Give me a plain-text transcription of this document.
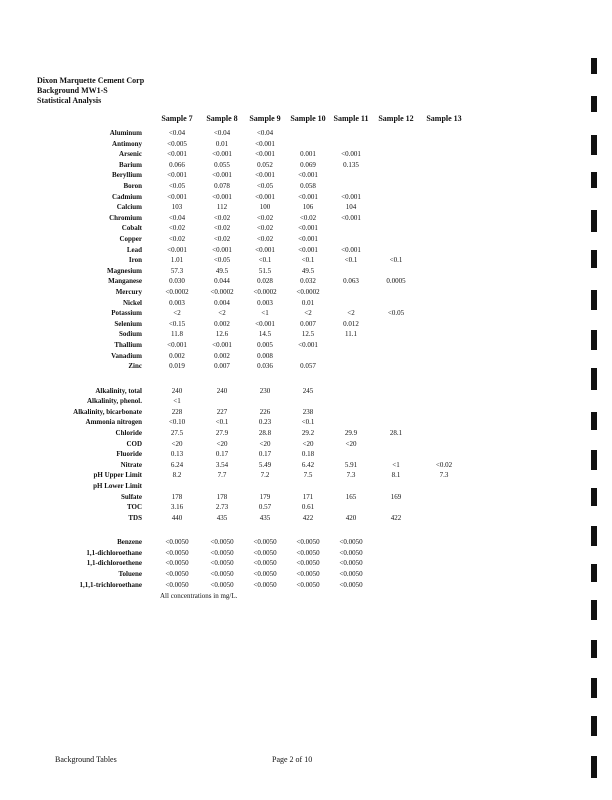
Dixon Marquette Cement Corp
Background MW1-S
Statistical Analysis
Sample 7	Sample 8	Sample 9	Sample 10 Sample 11	Sample 12	Sample 13
Aluminum	<0.04	<0.04	<0.04
Antimony	<0.005	0.01	<0.001
Arsenic	<0.001	<0.001	<0.001	0.001	<0.001
Barium	0.066	0.055	0.052	0.069	0.135
Beryllium	<0.001	<0.001	<0.001	<0.001
Boron	<0.05	0.078	<0.05	0.058
Cadmium	<0.001	<0.001	<0.001	<0.001	<0.001
Calcium	103	112	100	106	104
Chromium	<0.04	<0.02	<0.02	<0.02	<0.001
Cobalt	<0.02	<0.02	<0.02	<0.001
Copper	<0.02	<0.02	<0.02	<0.001
Lead	<0.001	<0.001	<0.001	<0.001	<0.001
Iron	1.01	<0.05	<0.1	<0.1	<0.1	<0.1
Magnesium	57.3	49.5	51.5	49.5
Manganese	0.030	0.044	0.028	0.032	0.063	0.0005
Mercury	<0.0002	<0.0002	<0.0002	<0.0002
Nickel	0.003	0.004	0.003	0.01
Potassium	<2	<2	<1	<2	<2	<0.05
Selenium	<0.15	0.002	<0.001	0.007	0.012
Sodium	11.8	12.6	14.5	12.5	11.1
Thallium	<0.001	<0.001	0.005	<0.001
Vanadium	0.002	0.002	0.008
Zinc	0.019	0.007	0.036	0.057
Alkalinity, total	240	240	230	245
Alkalinity, phenol.	<1
Alkalinity, bicarbonate	228	227	226	238
Ammonia nitrogen	<0.10	<0.1	0.23	<0.1
Chloride	27.5	27.9	28.8	29.2	29.9	28.1
COD	<20	<20	<20	<20	<20
Fluoride	0.13	0.17	0.17	0.18
Nitrate	6.24	3.54	5.49	6.42	5.91	<1	<0.02
pH Upper Limit	8.2	7.7	7.2	7.5	7.3	8.1	7.3
pH Lower Limit
Sulfate	178	178	179	171	165	169
TOC	3.16	2.73	0.57	0.61
TDS	440	435	435	422	420	422
Benzene	<0.0050	<0.0050	<0.0050	<0.0050	<0.0050
1,1-dichloroethane	<0.0050	<0.0050	<0.0050	<0.0050	<0.0050
1,1-dichloroethene	<0.0050	<0.0050	<0.0050	<0.0050	<0.0050
Toluene	<0.0050	<0.0050	<0.0050	<0.0050	<0.0050
1,1,1-trichloroethane	<0.0050	<0.0050	<0.0050	<0.0050	<0.0050
All concentrations in mg/L.
Background Tables	Page 2 of 10
